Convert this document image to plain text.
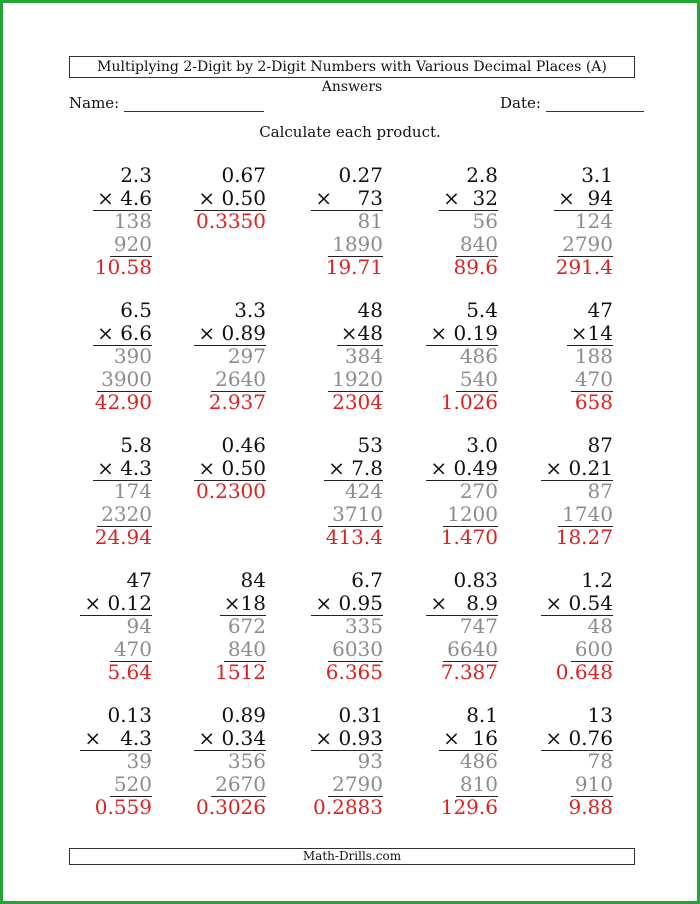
Multiplying 2-Digit by 2-Digit Numbers with Various Decimal Places (A) Answers
Name:	Date:
Calculate each product.
2.3
× 4.6
138
920
10.58
0.67
× 0.50
0.3350
0.27
×    73
81
1890
19.71
2.8
×  32
56
840
89.6
3.1
×  94
124
2790
291.4
6.5
× 6.6
390
3900
42.90
3.3
× 0.89
297
2640
2.937
48
×48
384
1920
2304
5.4
× 0.19
486
540
1.026
47
×14
188
470
658
5.8
× 4.3
174
2320
24.94
0.46
× 0.50
0.2300
53
× 7.8
424
3710
413.4
3.0
× 0.49
270
1200
1.470
87
× 0.21
87
1740
18.27
47
× 0.12
94
470
5.64
84
×18
672
840
1512
6.7
× 0.95
335
6030
6.365
0.83
×   8.9
747
6640
7.387
1.2
× 0.54
48
600
0.648
0.13
×   4.3
39
520
0.559
0.89
× 0.34
356
2670
0.3026
0.31
× 0.93
93
2790
0.2883
8.1
×  16
486
810
129.6
13
× 0.76
78
910
9.88
Math-Drills.com
